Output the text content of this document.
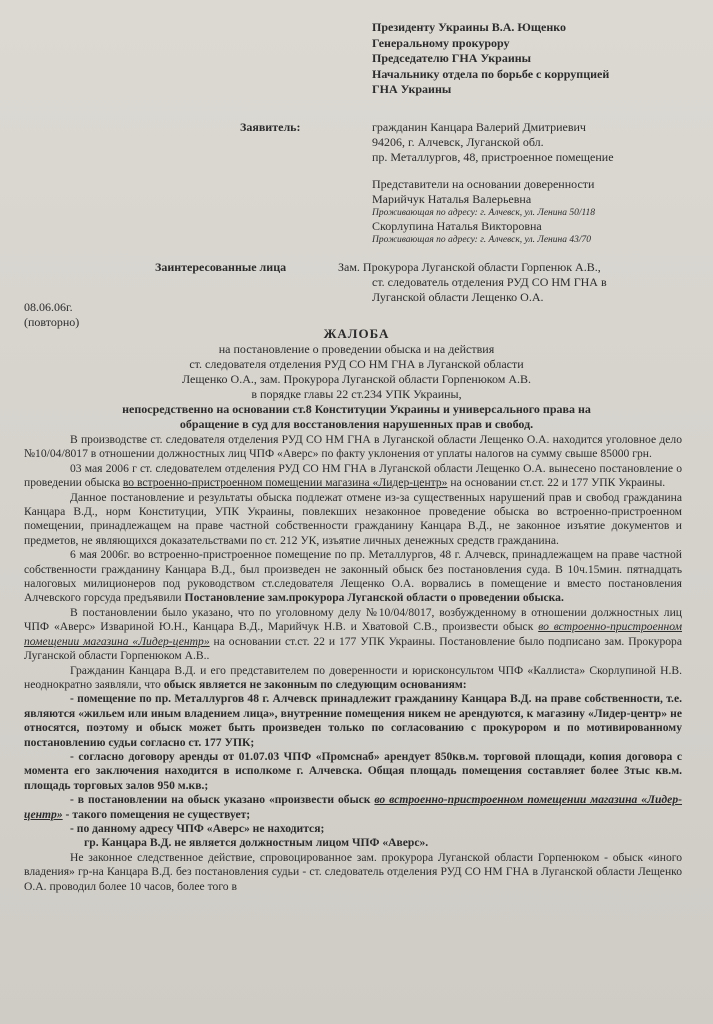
Президенту Украины В.А. Ющенко
Генеральному прокурору
Председателю ГНА Украины
Начальнику отдела по борьбе с коррупцией
ГНА Украины
Заявитель:	гражданин Канцара Валерий Дмитриевич
94206, г. Алчевск, Луганской обл.
пр. Металлургов, 48, пристроенное помещение
Представители на основании доверенности
Марийчук Наталья Валерьевна
Проживающая по адресу: г. Алчевск, ул. Ленина 50/118
Скорлупина Наталья Викторовна
Проживающая по адресу: г. Алчевск, ул. Ленина 43/70
Заинтересованные лица	Зам. Прокурора Луганской области Горпенюк А.В.,
ст. следователь отделения РУД СО НМ ГНА в
Луганской области Лещенко О.А.
08.06.06г.
(повторно)
ЖАЛОБА
на постановление о проведении обыска и на действия
ст. следователя отделения РУД СО НМ ГНА в Луганской области
Лещенко О.А., зам. Прокурора Луганской области Горпенюком А.В.
в порядке главы 22 ст.234 УПК Украины,
непосредственно на основании ст.8 Конституции Украины и универсального права на
обращение в суд для восстановления нарушенных прав и свобод.

В производстве ст. следователя отделения РУД СО НМ ГНА в Луганской области Лещенко О.А. находится уголовное дело №10/04/8017 в отношении должностных лиц ЧПФ «Аверс» по факту уклонения от уплаты налогов на сумму свыше 85000 грн.

03 мая 2006 г ст. следователем отделения РУД СО НМ ГНА в Луганской области Лещенко О.А. вынесено постановление о проведении обыска во встроенно-пристроенном помещении магазина «Лидер-центр» на основании ст.ст. 22 и 177 УПК Украины.

Данное постановление и результаты обыска подлежат отмене из-за существенных нарушений прав и свобод гражданина Канцара В.Д., норм Конституции, УПК Украины, повлекших незаконное проведение обыска во встроенно-пристроенном помещении, принадлежащем на праве частной собственности гражданину Канцара В.Д., не законное изъятие документов и предметов, не являющихся доказательствами по ст. 212 УК, изъятие личных денежных средств гражданина.

6 мая 2006г. во встроенно-пристроенное помещение по пр. Металлургов, 48 г. Алчевск, принадлежащем на праве частной собственности гражданину Канцара В.Д., был произведен не законный обыск без постановления суда. В 10ч.15мин. пятнадцать налоговых милиционеров под руководством ст.следователя Лещенко О.А. ворвались в помещение и вместо постановления Алчевского горсуда предъявили Постановление зам.прокурора Луганской области о проведении обыска.

В постановлении было указано, что по уголовному делу №10/04/8017, возбужденному в отношении должностных лиц ЧПФ «Аверс» Извариной Ю.Н., Канцара В.Д., Марийчук Н.В. и Хватовой С.В., произвести обыск во встроенно-пристроенном помещении магазина «Лидер-центр» на основании ст.ст. 22 и 177 УПК Украины. Постановление было подписано зам. Прокурора Луганской области Горпенюком А.В..

Гражданин Канцара В.Д. и его представителем по доверенности и юрисконсультом ЧПФ «Каллиста» Скорлупиной Н.В. неоднократно заявляли, что обыск является не законным по следующим основаниям:

- помещение по пр. Металлургов 48 г. Алчевск принадлежит гражданину Канцара В.Д. на праве собственности, т.е. являются «жильем или иным владением лица», внутренние помещения никем не арендуются, к магазину «Лидер-центр» не относятся, поэтому и обыск может быть произведен только по согласованию с прокурором и по мотивированному постановлению судьи согласно ст. 177 УПК;

- согласно договору аренды от 01.07.03 ЧПФ «Промснаб» арендует 850кв.м. торговой площади, копия договора с момента его заключения находится в исполкоме г. Алчевска. Общая площадь помещения составляет более 3тыс кв.м. площадь торговых залов 950 м.кв.;

- в постановлении на обыск указано «произвести обыск во встроенно-пристроенном помещении магазина «Лидер-центр» - такого помещения не существует;

- по данному адресу ЧПФ «Аверс» не находится;

гр. Канцара В.Д. не является должностным лицом ЧПФ «Аверс».

Не законное следственное действие, спровоцированное зам. прокурора Луганской области Горпенюком - обыск «иного владения» гр-на Канцара В.Д. без постановления судьи - ст. следователь отделения РУД СО НМ ГНА в Луганской области Лещенко О.А. проводил более 10 часов, более того в
